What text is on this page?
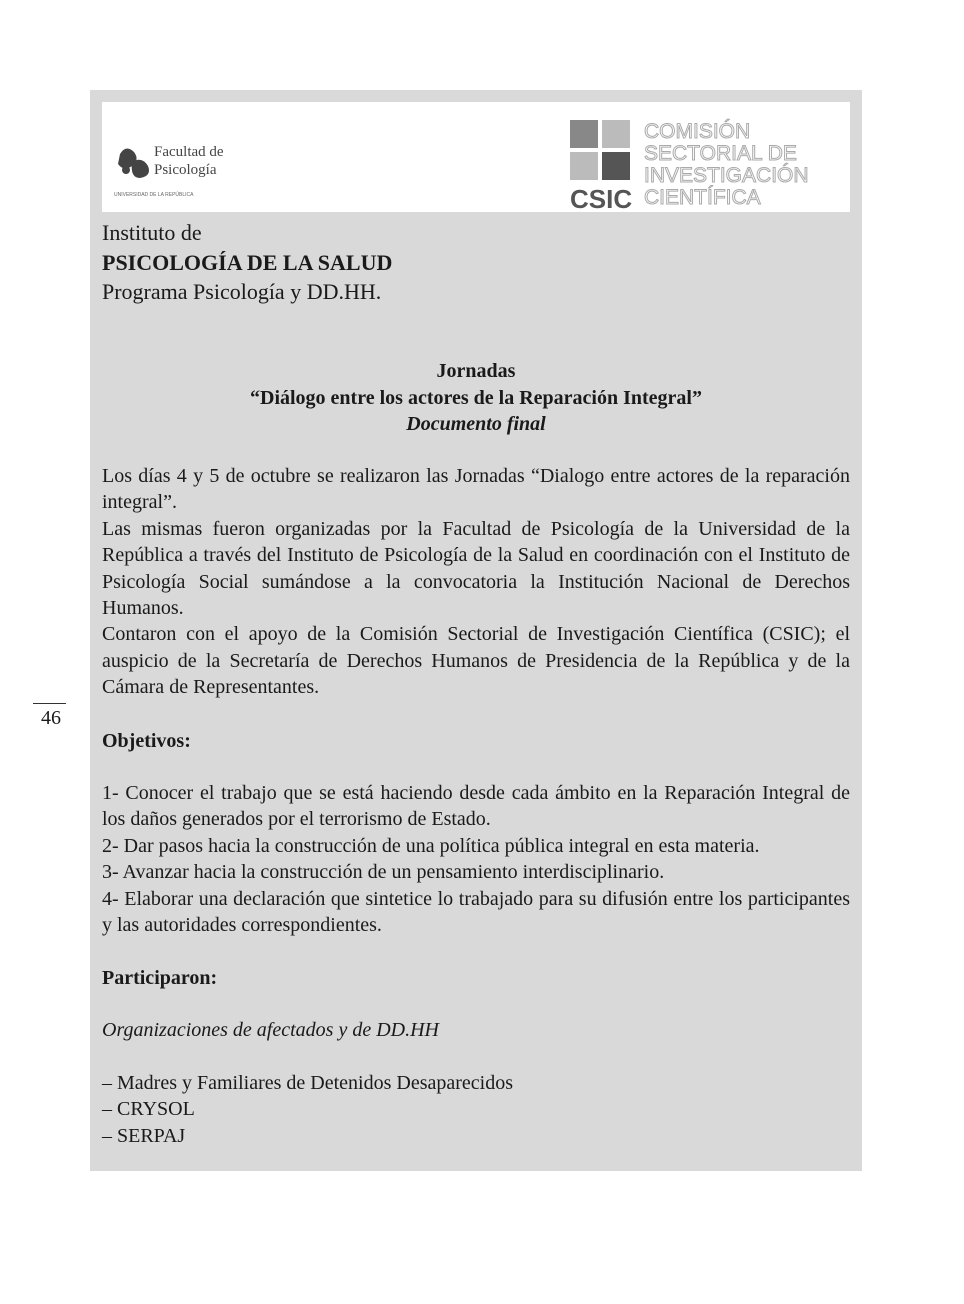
Facultad de
Psicología
UNIVERSIDAD DE LA REPÚBLICA	CSIC
COMISIÓN
SECTORIAL DE
INVESTIGACIÓN
CIENTÍFICA
Instituto de
PSICOLOGÍA DE LA SALUD
Programa Psicología y DD.HH.
Jornadas
“Diálogo entre los actores de la Reparación Integral”
Documento final
Los días 4 y 5 de octubre se realizaron las Jornadas “Dialogo entre actores de la reparación integral”.
Las mismas fueron organizadas por la Facultad de Psicología de la Universidad de la República a través del Instituto de Psicología de la Salud en coordinación con el Instituto de Psicología Social sumándose a la convocatoria la Institución Nacional de Derechos Humanos.
Contaron con el apoyo de la Comisión Sectorial de Investigación Científica (CSIC); el auspicio de la Secretaría de Derechos Humanos de Presidencia de la República y de la Cámara de Representantes.
Objetivos:
1- Conocer el trabajo que se está haciendo desde cada ámbito en la Reparación Integral de los daños generados por el terrorismo de Estado.
2- Dar pasos hacia la construcción de una política pública integral en esta materia.
3- Avanzar hacia la construcción de un pensamiento interdisciplinario.
4- Elaborar una declaración que sintetice lo trabajado para su difusión entre los participantes y las autoridades correspondientes.
Participaron:
Organizaciones de afectados y de DD.HH
– Madres y Familiares de Detenidos Desaparecidos
– CRYSOL
– SERPAJ
46
